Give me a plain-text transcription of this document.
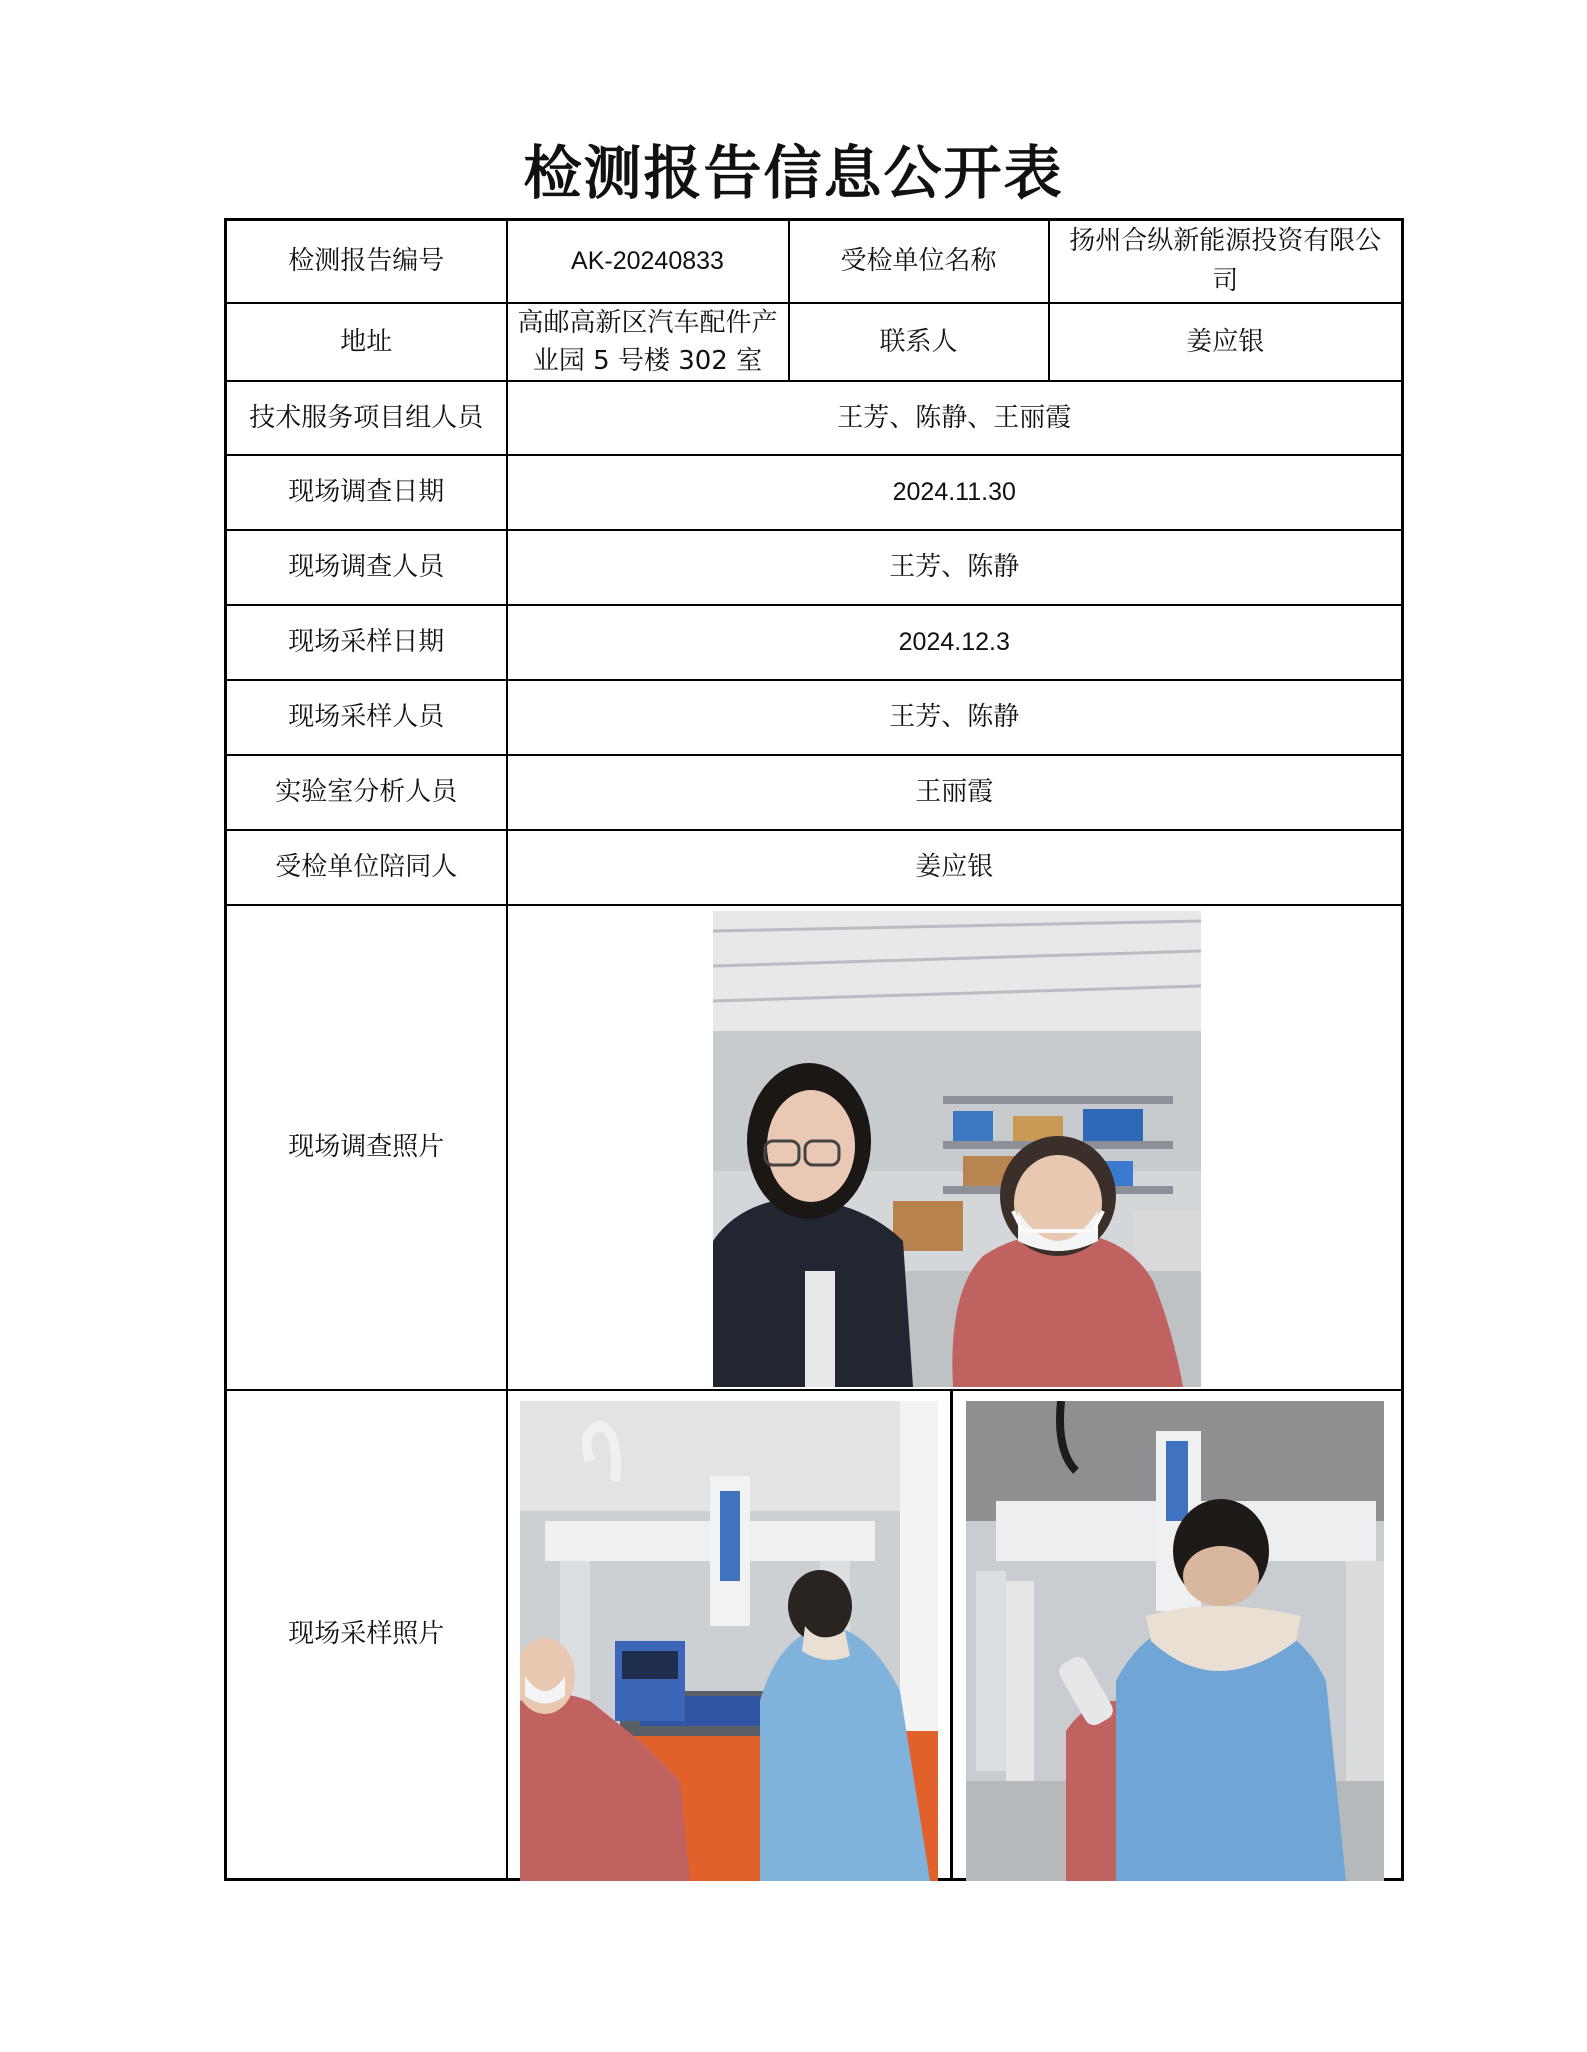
检测报告信息公开表
检测报告编号	AK-20240833	受检单位名称	扬州合纵新能源投资有限公司
地址	高邮高新区汽车配件产业园 5 号楼 302 室	联系人	姜应银
技术服务项目组人员	王芳、陈静、王丽霞		
现场调查日期	2024.11.30		
现场调查人员	王芳、陈静		
现场采样日期	2024.12.3		
现场采样人员	王芳、陈静		
实验室分析人员	王丽霞		
受检单位陪同人	姜应银		
现场调查照片	

现场采样照片	
